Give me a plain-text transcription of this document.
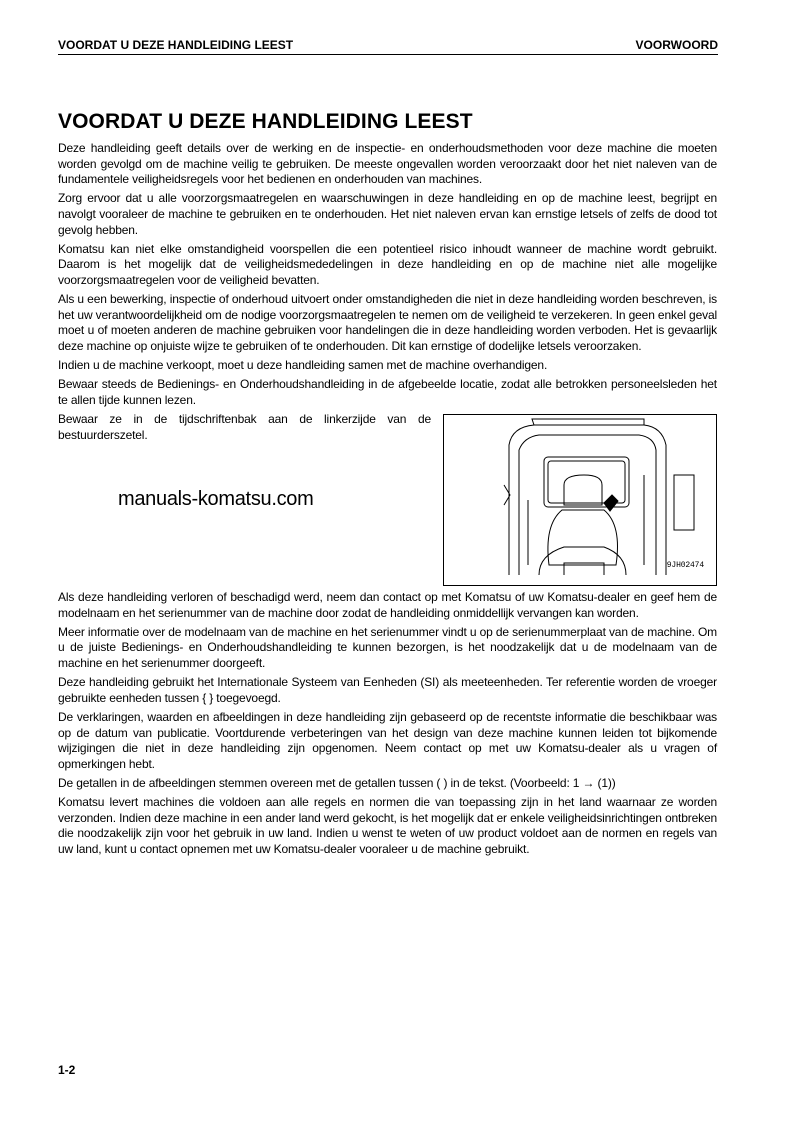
VOORDAT U DEZE HANDLEIDING LEEST	VOORWOORD
VOORDAT U DEZE HANDLEIDING LEEST

Deze handleiding geeft details over de werking en de inspectie- en onderhoudsmethoden voor deze machine die moeten worden gevolgd om de machine veilig te gebruiken. De meeste ongevallen worden veroorzaakt door het niet naleven van de fundamentele veiligheidsregels voor het bedienen en onderhouden van machines.

Zorg ervoor dat u alle voorzorgsmaatregelen en waarschuwingen in deze handleiding en op de machine leest, begrijpt en navolgt vooraleer de machine te gebruiken en te onderhouden. Het niet naleven ervan kan ernstige letsels of zelfs de dood tot gevolg hebben.

Komatsu kan niet elke omstandigheid voorspellen die een potentieel risico inhoudt wanneer de machine wordt gebruikt. Daarom is het mogelijk dat de veiligheidsmededelingen in deze handleiding en op de machine niet alle mogelijke voorzorgsmaatregelen voor de veiligheid bevatten.

Als u een bewerking, inspectie of onderhoud uitvoert onder omstandigheden die niet in deze handleiding worden beschreven, is het uw verantwoordelijkheid om de nodige voorzorgsmaatregelen te nemen om de veiligheid te verzekeren. In geen enkel geval moet u of moeten anderen de machine gebruiken voor handelingen die in deze handleiding worden verboden. Het is gevaarlijk deze machine op onjuiste wijze te gebruiken of te onderhouden. Dit kan ernstige of dodelijke letsels veroorzaken.

Indien u de machine verkoopt, moet u deze handleiding samen met de machine overhandigen.

Bewaar steeds de Bedienings- en Onderhoudshandleiding in de afgebeelde locatie, zodat alle betrokken personeelsleden het te allen tijde kunnen lezen.

Bewaar ze in de tijdschriftenbak aan de linkerzijde van de bestuurderszetel.

manuals-komatsu.com
9JH02474

Als deze handleiding verloren of beschadigd werd, neem dan contact op met Komatsu of uw Komatsu-dealer en geef hem de modelnaam en het serienummer van de machine door zodat de handleiding onmiddellijk vervangen kan worden.

Meer informatie over de modelnaam van de machine en het serienummer vindt u op de serienummerplaat van de machine. Om u de juiste Bedienings- en Onderhoudshandleiding te kunnen bezorgen, is het noodzakelijk dat u de modelnaam van de machine en het serienummer doorgeeft.

Deze handleiding gebruikt het Internationale Systeem van Eenheden (SI) als meeteenheden. Ter referentie worden de vroeger gebruikte eenheden tussen { } toegevoegd.

De verklaringen, waarden en afbeeldingen in deze handleiding zijn gebaseerd op de recentste informatie die beschikbaar was op de datum van publicatie. Voortdurende verbeteringen van het design van deze machine kunnen leiden tot bijkomende wijzigingen die niet in deze handleiding zijn opgenomen. Neem contact op met uw Komatsu-dealer als u vragen of opmerkingen hebt.

De getallen in de afbeeldingen stemmen overeen met de getallen tussen ( ) in de tekst. (Voorbeeld: 1 → (1))

Komatsu levert machines die voldoen aan alle regels en normen die van toepassing zijn in het land waarnaar ze worden verzonden. Indien deze machine in een ander land werd gekocht, is het mogelijk dat er enkele veiligheidsinrichtingen ontbreken die noodzakelijk zijn voor het gebruik in uw land. Indien u wenst te weten of uw product voldoet aan de normen en regels van uw land, kunt u contact opnemen met uw Komatsu-dealer vooraleer u de machine gebruikt.

1-2
